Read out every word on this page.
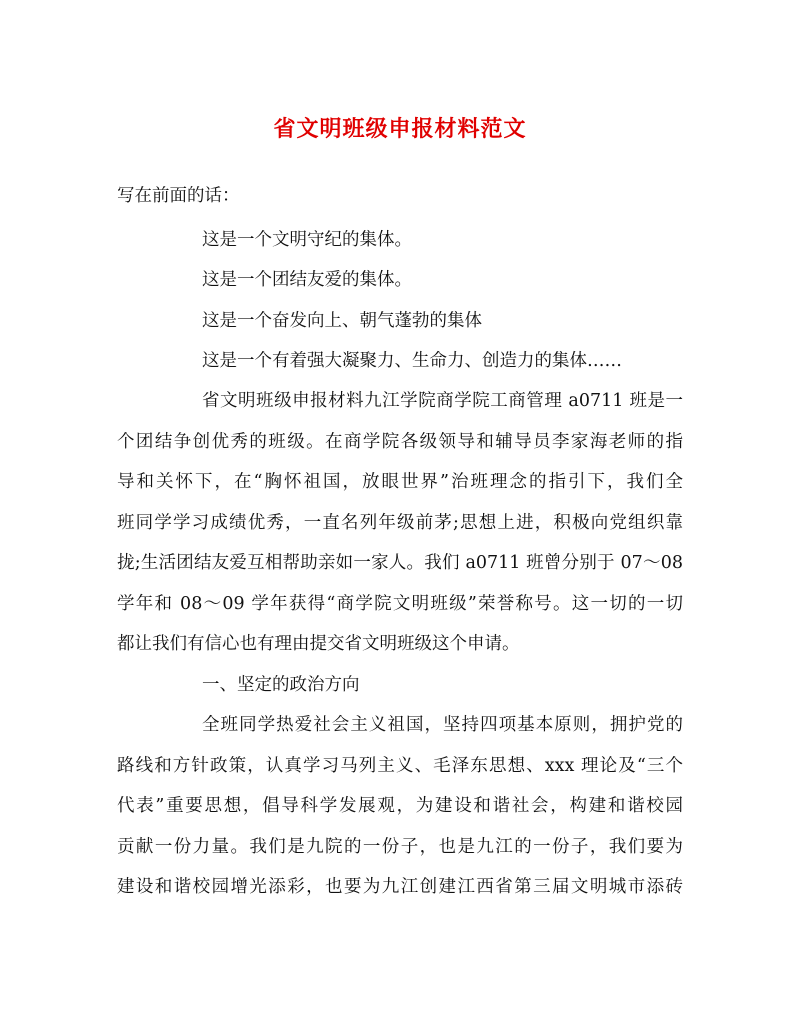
省文明班级申报材料范文
写在前面的话：
这是一个文明守纪的集体。
这是一个团结友爱的集体。
这是一个奋发向上、朝气蓬勃的集体
这是一个有着强大凝聚力、生命力、创造力的集体……
省文明班级申报材料九江学院商学院工商管理 a0711 班是一
个团结争创优秀的班级。在商学院各级领导和辅导员李家海老师的指
导和关怀下，在“胸怀祖国，放眼世界”治班理念的指引下，我们全
班同学学习成绩优秀，一直名列年级前茅;思想上进，积极向党组织靠
拢;生活团结友爱互相帮助亲如一家人。我们 a0711 班曾分别于 07～08
学年和 08～09 学年获得“商学院文明班级”荣誉称号。这一切的一切
都让我们有信心也有理由提交省文明班级这个申请。
一、坚定的政治方向
全班同学热爱社会主义祖国，坚持四项基本原则，拥护党的
路线和方针政策，认真学习马列主义、毛泽东思想、xxx 理论及“三个
代表”重要思想，倡导科学发展观，为建设和谐社会，构建和谐校园
贡献一份力量。我们是九院的一份子，也是九江的一份子，我们要为
建设和谐校园增光添彩，也要为九江创建江西省第三届文明城市添砖
